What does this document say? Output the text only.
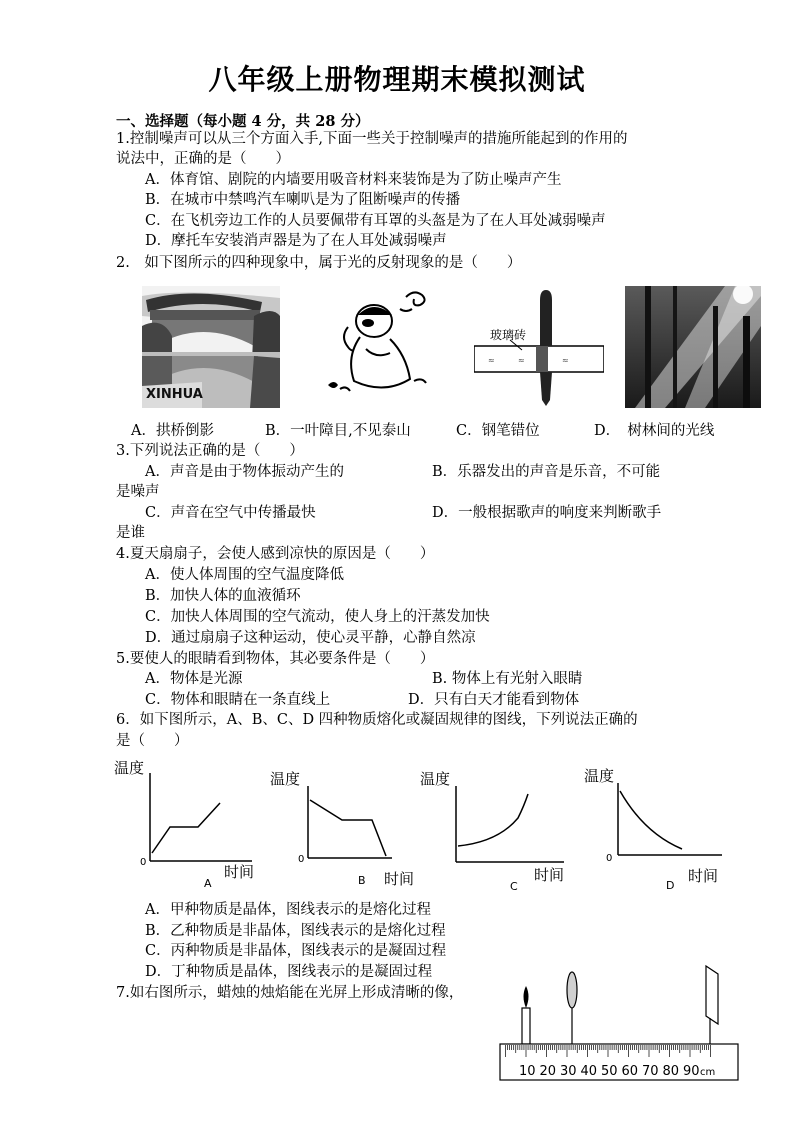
八年级上册物理期末模拟测试
一、选择题（每小题 4 分，共 28 分）
1.控制噪声可以从三个方面入手,下面一些关于控制噪声的措施所能起到的作用的
说法中，正确的是（　　）
A．体育馆、剧院的内墙要用吸音材料来装饰是为了防止噪声产生
B．在城市中禁鸣汽车喇叭是为了阻断噪声的传播
C．在飞机旁边工作的人员要佩带有耳罩的头盔是为了在人耳处减弱噪声
D．摩托车安装消声器是为了在人耳处减弱噪声
2.　如下图所示的四种现象中，属于光的反射现象的是（　　）
XINHUA
玻璃砖
≈	≈	≈
A．拱桥倒影	B．一叶障目,不见泰山	C．钢笔错位	D．　树林间的光线
3.下列说法正确的是（　　）
A．声音是由于物体振动产生的	B．乐器发出的声音是乐音，不可能
是噪声
C．声音在空气中传播最快	D．一般根据歌声的响度来判断歌手
是谁
4.夏天扇扇子，会使人感到凉快的原因是（　　）
A．使人体周围的空气温度降低
B．加快人体的血液循环
C．加快人体周围的空气流动，使人身上的汗蒸发加快
D．通过扇扇子这种运动，使心灵平静，心静自然凉
5.要使人的眼睛看到物体，其必要条件是（　　）
A．物体是光源	B. 物体上有光射入眼睛
C．物体和眼睛在一条直线上	D．只有白天才能看到物体
6．如下图所示，A、B、C、D 四种物质熔化或凝固规律的图线，下列说法正确的
是（　　）
温度
0
A
时间
温度
0
B 时间
温度
C
时间
温度
0
D
时间
A．甲种物质是晶体，图线表示的是熔化过程
B．乙种物质是非晶体，图线表示的是熔化过程
C．丙种物质是非晶体，图线表示的是凝固过程
D．丁种物质是晶体，图线表示的是凝固过程
7.如右图所示，蜡烛的烛焰能在光屏上形成清晰的像，
10 20 30 40 50 60 70 80 90 cm
